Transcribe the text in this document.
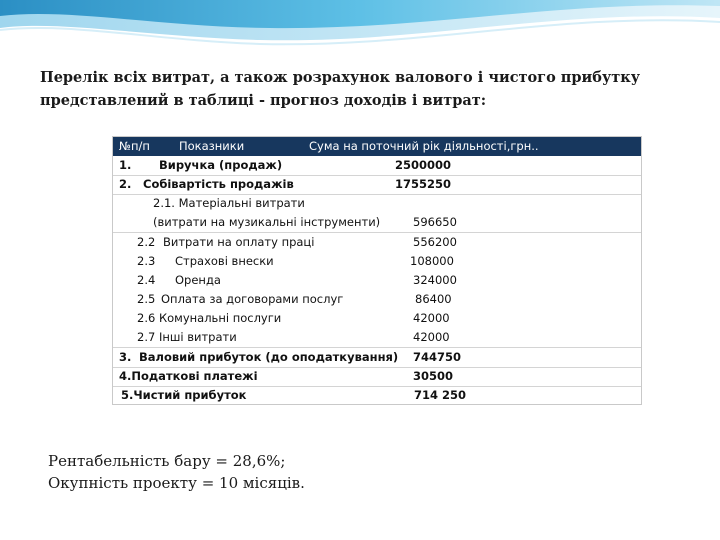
Перелік всіх витрат, а також розрахунок валового і чистого прибутку
представлений в таблиці - прогноз доходів і витрат:
№п/п	Показники	Сума на поточний рік діяльності,грн..
1. Виручка (продаж)	2500000
2. Собівартість продажів	1755250
2.1. Матеріальні витрати
(витрати на музикальні інструменти)	596650
2.2 Витрати на оплату праці	556200
2.3 Страхові внески	108000
2.4 Оренда	324000
2.5 Оплата за договорами послуг	86400
2.6 Комунальні послуги	42000
2.7 Інші витрати	42000
3. Валовий прибуток (до оподаткування) 744750
4.Податкові платежі	30500
5.Чистий прибуток	714 250
Рентабельність бару = 28,6%;
Окупність проекту = 10 місяців.
